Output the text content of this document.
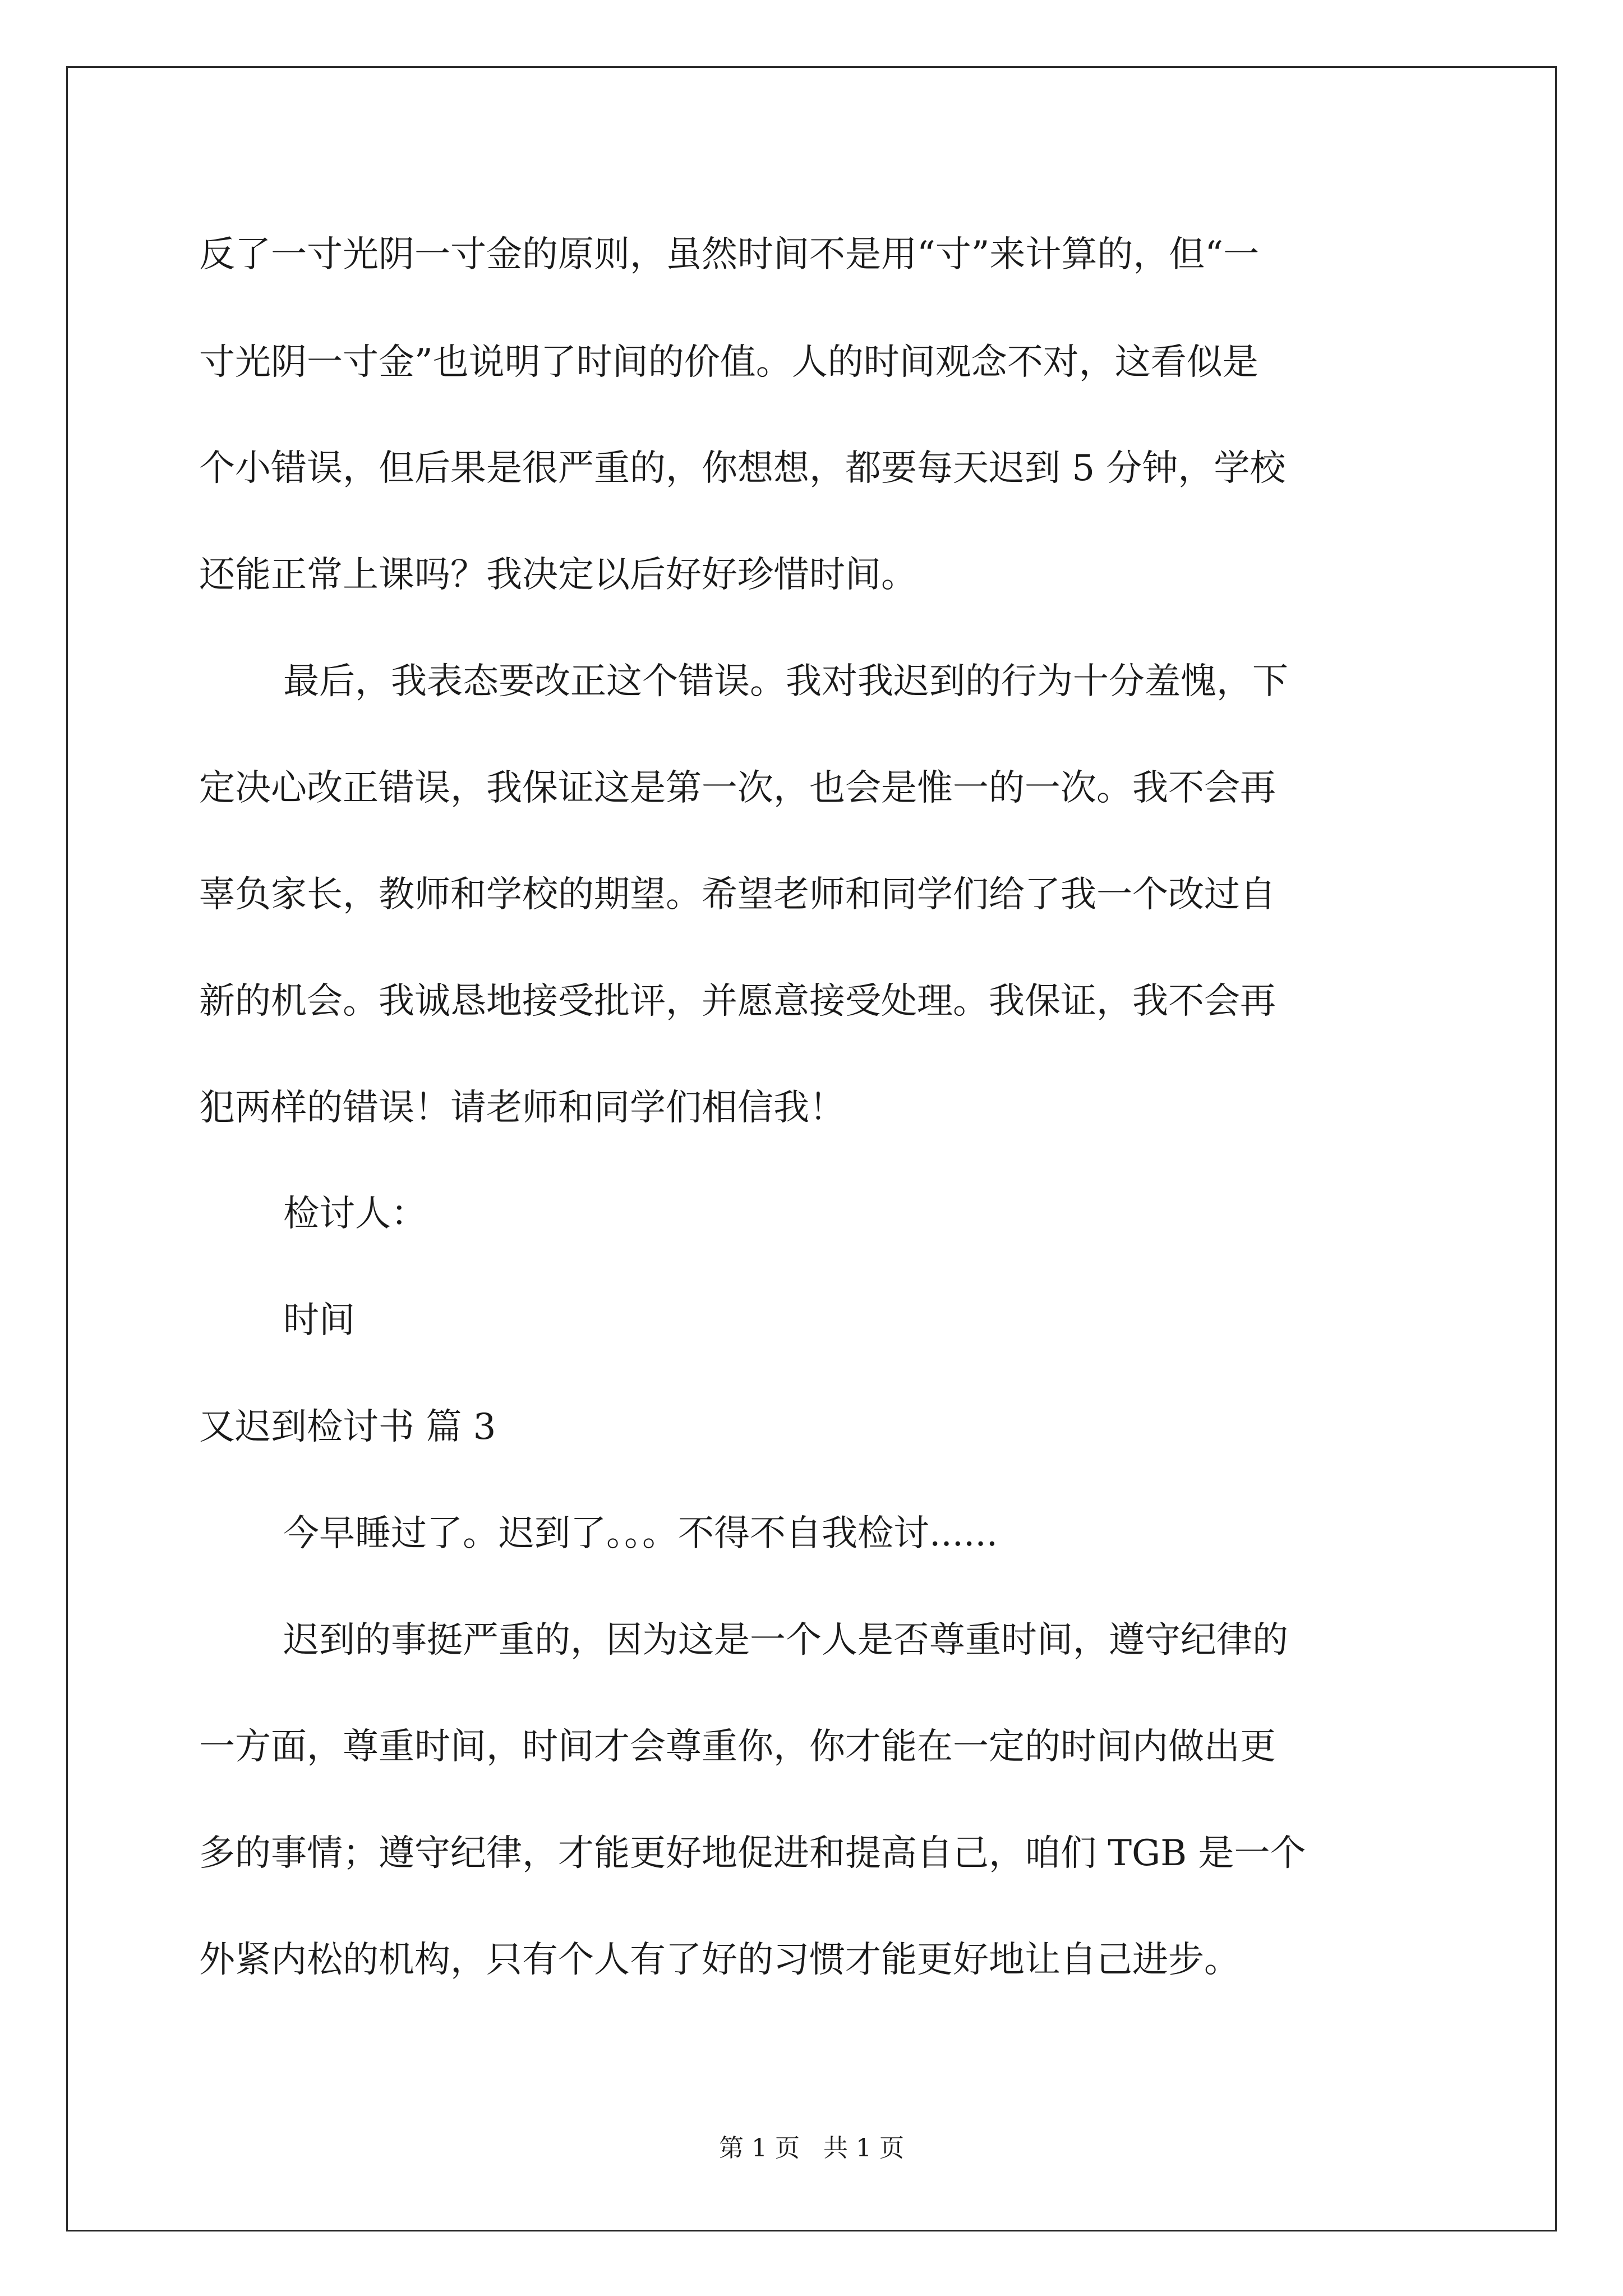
反了一寸光阴一寸金的原则，虽然时间不是用“寸”来计算的，但“一
寸光阴一寸金”也说明了时间的价值。人的时间观念不对，这看似是
个小错误，但后果是很严重的，你想想，都要每天迟到 5 分钟，学校
还能正常上课吗？我决定以后好好珍惜时间。
最后，我表态要改正这个错误。我对我迟到的行为十分羞愧，下
定决心改正错误，我保证这是第一次，也会是惟一的一次。我不会再
辜负家长，教师和学校的期望。希望老师和同学们给了我一个改过自
新的机会。我诚恳地接受批评，并愿意接受处理。我保证，我不会再
犯两样的错误！请老师和同学们相信我！
检讨人：
时间
又迟到检讨书 篇 3
今早睡过了。迟到了。。。不得不自我检讨......
迟到的事挺严重的，因为这是一个人是否尊重时间，遵守纪律的
一方面，尊重时间，时间才会尊重你，你才能在一定的时间内做出更
多的事情；遵守纪律，才能更好地促进和提高自己，咱们 TGB 是一个
外紧内松的机构，只有个人有了好的习惯才能更好地让自己进步。
第 1 页   共 1 页
